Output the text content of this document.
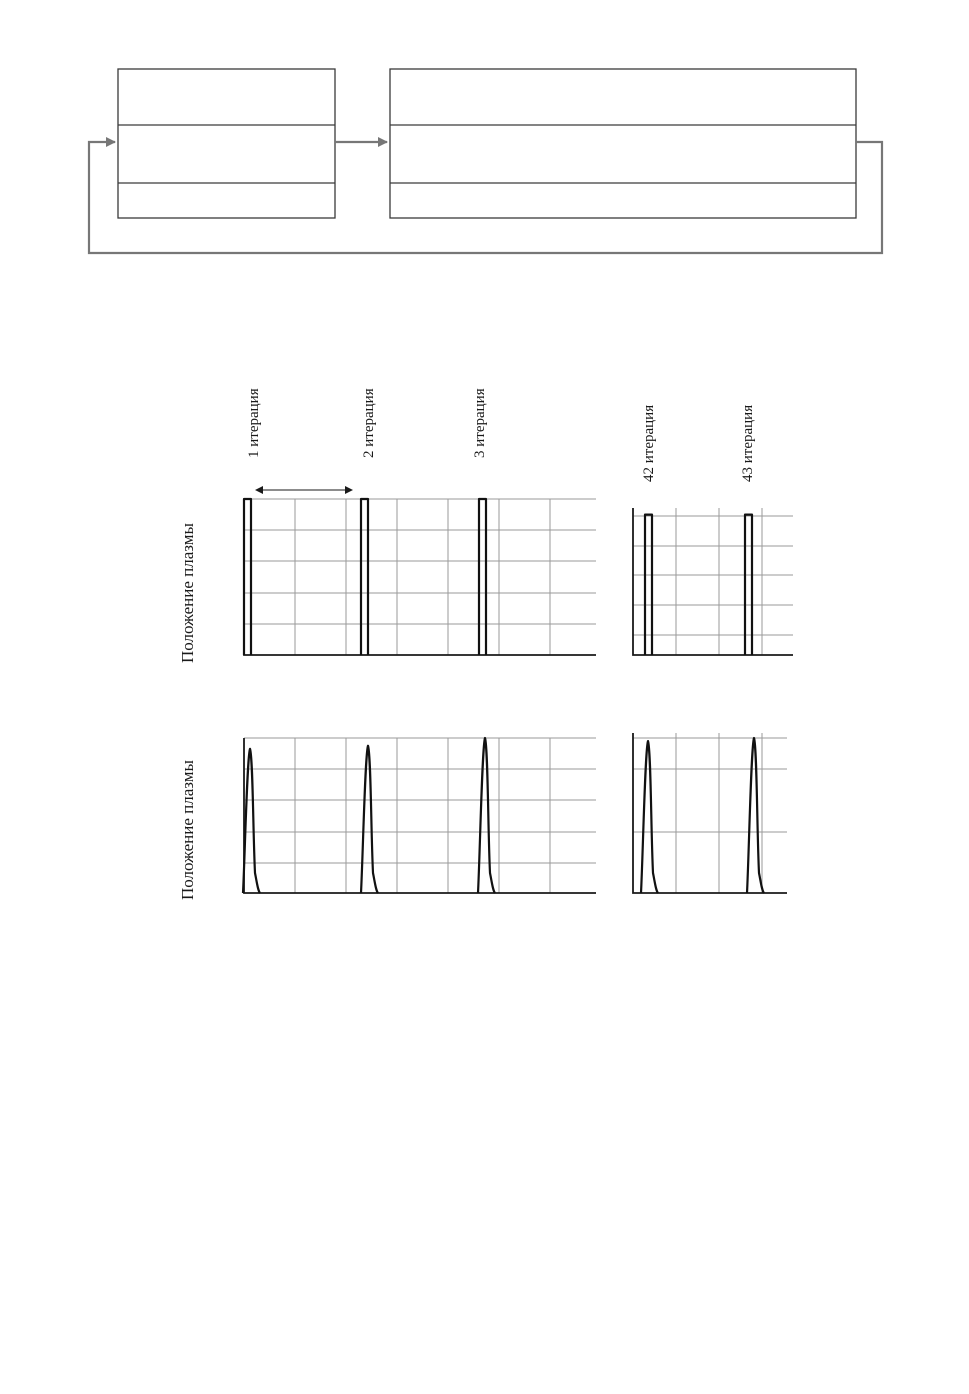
1 итерация	2 итерация	3 итерация	42 итерация	43 итерация
Положение плазмы
Положение плазмы
